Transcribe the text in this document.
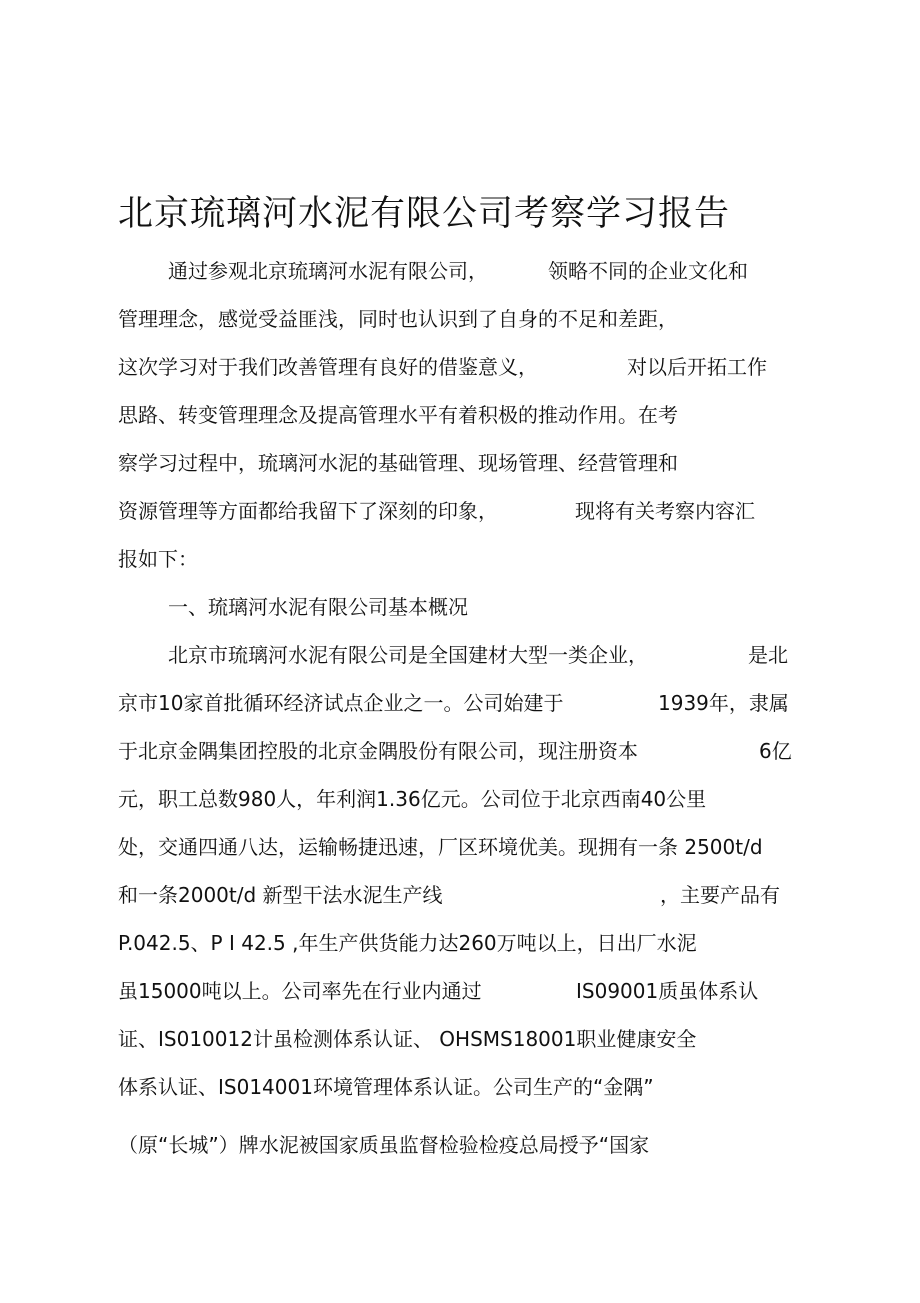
北京琉璃河水泥有限公司考察学习报告
通过参观北京琉璃河水泥有限公司，	领略不同的企业文化和
管理理念，感觉受益匪浅，同时也认识到了自身的不足和差距，
这次学习对于我们改善管理有良好的借鉴意义，	对以后开拓工作
思路、转变管理理念及提高管理水平有着积极的推动作用。在考
察学习过程中，琉璃河水泥的基础管理、现场管理、经营管理和
资源管理等方面都给我留下了深刻的印象，	现将有关考察内容汇
报如下：
一、琉璃河水泥有限公司基本概况
北京市琉璃河水泥有限公司是全国建材大型一类企业，	是北
京市10家首批循环经济试点企业之一。公司始建于	1939年，隶属
于北京金隅集团控股的北京金隅股份有限公司，现注册资本	6亿
元，职工总数980人，年利润1.36亿元。公司位于北京西南40公里
处，交通四通八达，运输畅捷迅速，厂区环境优美。现拥有一条 2500t/d
和一条2000t/d 新型干法水泥生产线	，主要产品有
P.042.5、P I 42.5 ,年生产供货能力达260万吨以上，日出厂水泥
虽15000吨以上。公司率先在行业内通过	IS09001质虽体系认
证、IS010012计虽检测体系认证、 OHSMS18001职业健康安全
体系认证、IS014001环境管理体系认证。公司生产的“金隅”
（原“长城”）牌水泥被国家质虽监督检验检疫总局授予“国家
